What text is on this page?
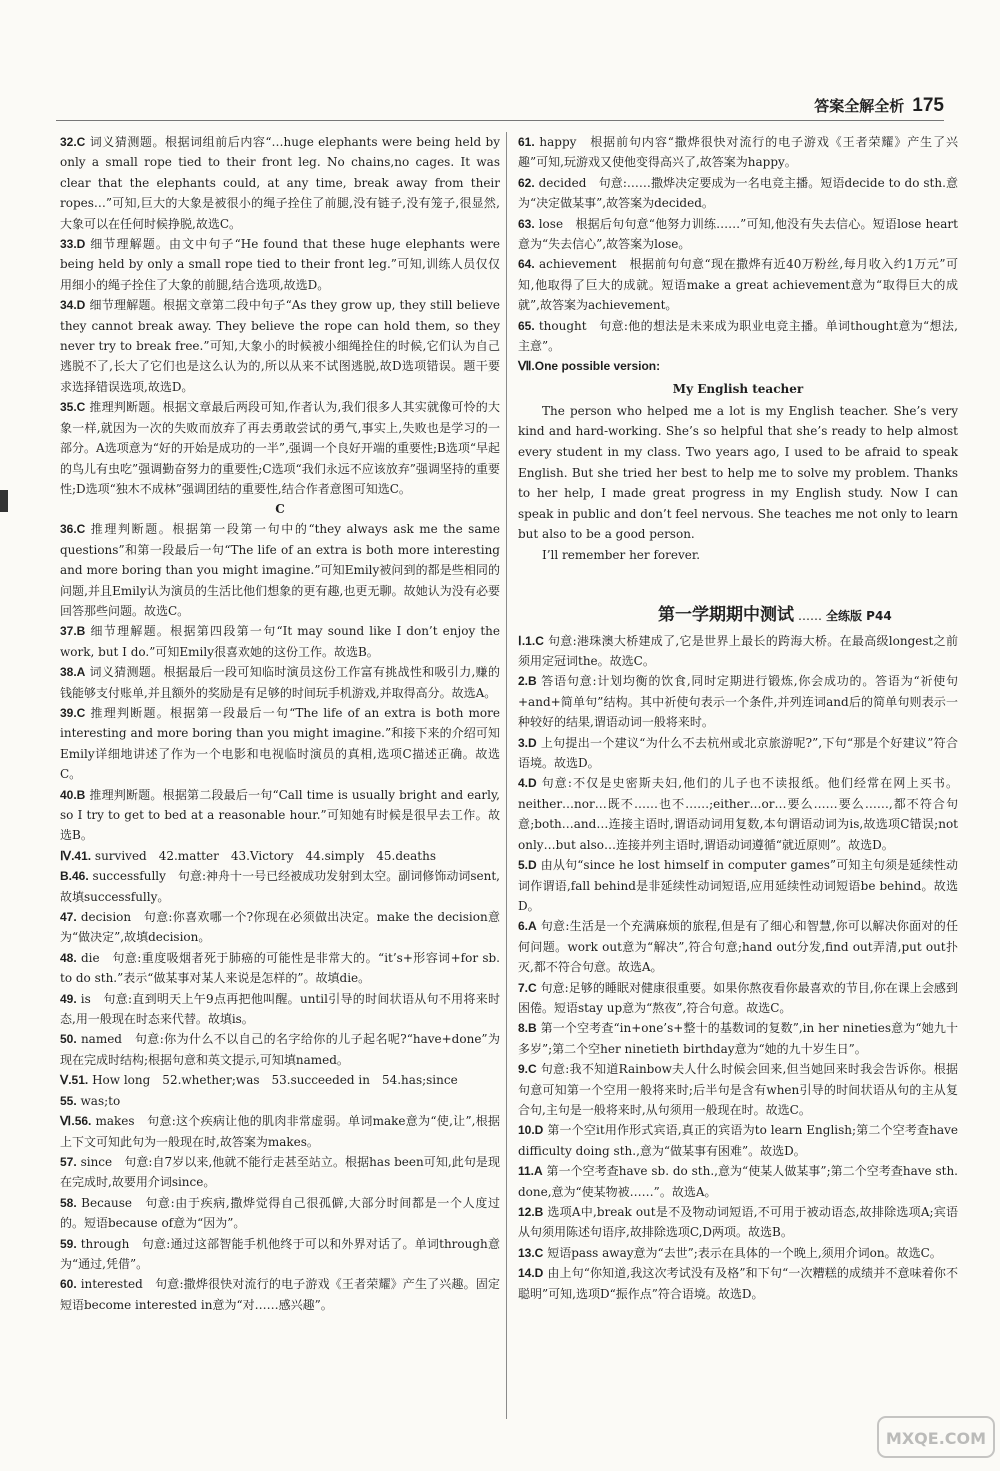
答案全解全析 175

32.C 词义猜测题。根据词组前后内容“…huge elephants were being held by only a small rope tied to their front leg. No chains,no cages. It was clear that the elephants could, at any time, break away from their ropes…”可知,巨大的大象是被很小的绳子拴住了前腿,没有链子,没有笼子,很显然,大象可以在任何时候挣脱,故选C。

33.D 细节理解题。由文中句子“He found that these huge elephants were being held by only a small rope tied to their front leg.”可知,训练人员仅仅用细小的绳子拴住了大象的前腿,结合选项,故选D。

34.D 细节理解题。根据文章第二段中句子“As they grow up, they still believe they cannot break away. They believe the rope can hold them, so they never try to break free.”可知,大象小的时候被小细绳拴住的时候,它们认为自己逃脱不了,长大了它们也是这么认为的,所以从来不试图逃脱,故D选项错误。题干要求选择错误选项,故选D。

35.C 推理判断题。根据文章最后两段可知,作者认为,我们很多人其实就像可怜的大象一样,就因为一次的失败而放弃了再去勇敢尝试的勇气,事实上,失败也是学习的一部分。A选项意为“好的开始是成功的一半”,强调一个良好开端的重要性;B选项“早起的鸟儿有虫吃”强调勤奋努力的重要性;C选项“我们永远不应该放弃”强调坚持的重要性;D选项“独木不成林”强调团结的重要性,结合作者意图可知选C。

C

36.C 推理判断题。根据第一段第一句中的“they always ask me the same questions”和第一段最后一句“The life of an extra is both more interesting and more boring than you might imagine.”可知Emily被问到的都是些相同的问题,并且Emily认为演员的生活比他们想象的更有趣,也更无聊。故她认为没有必要回答那些问题。故选C。

37.B 细节理解题。根据第四段第一句“It may sound like I don’t enjoy the work, but I do.”可知Emily很喜欢她的这份工作。故选B。

38.A 词义猜测题。根据最后一段可知临时演员这份工作富有挑战性和吸引力,赚的钱能够支付账单,并且额外的奖励是有足够的时间玩手机游戏,并取得高分。故选A。

39.C 推理判断题。根据第一段最后一句“The life of an extra is both more interesting and more boring than you might imagine.”和接下来的介绍可知Emily详细地讲述了作为一个电影和电视临时演员的真相,选项C描述正确。故选C。

40.B 推理判断题。根据第二段最后一句“Call time is usually bright and early, so I try to get to bed at a reasonable hour.”可知她有时候是很早去工作。故选B。

Ⅳ.41. survived　42.matter　43.Victory　44.simply　45.deaths

B.46. successfully　句意:神舟十一号已经被成功发射到太空。副词修饰动词sent,故填successfully。

47. decision　句意:你喜欢哪一个?你现在必须做出决定。make the decision意为“做决定”,故填decision。

48. die　句意:重度吸烟者死于肺癌的可能性是非常大的。“it’s+形容词+for sb. to do sth.”表示“做某事对某人来说是怎样的”。故填die。

49. is　句意:直到明天上午9点再把他叫醒。until引导的时间状语从句不用将来时态,用一般现在时态来代替。故填is。

50. named　句意:你为什么不以自己的名字给你的儿子起名呢?“have+done”为现在完成时结构;根据句意和英文提示,可知填named。

Ⅴ.51. How long　52.whether;was　53.succeeded in　54.has;since

55. was;to

Ⅵ.56. makes　句意:这个疾病让他的肌肉非常虚弱。单词make意为“使,让”,根据上下文可知此句为一般现在时,故答案为makes。

57. since　句意:自7岁以来,他就不能行走甚至站立。根据has been可知,此句是现在完成时,故要用介词since。

58. Because　句意:由于疾病,撒烨觉得自己很孤僻,大部分时间都是一个人度过的。短语because of意为“因为”。

59. through　句意:通过这部智能手机他终于可以和外界对话了。单词through意为“通过,凭借”。

60. interested　句意:撒烨很快对流行的电子游戏《王者荣耀》产生了兴趣。固定短语become interested in意为“对……感兴趣”。

61. happy　根据前句内容“撒烨很快对流行的电子游戏《王者荣耀》产生了兴趣”可知,玩游戏又使他变得高兴了,故答案为happy。

62. decided　句意:……撒烨决定要成为一名电竞主播。短语decide to do sth.意为“决定做某事”,故答案为decided。

63. lose　根据后句句意“他努力训练……”可知,他没有失去信心。短语lose heart意为“失去信心”,故答案为lose。

64. achievement　根据前句句意“现在撒烨有近40万粉丝,每月收入约1万元”可知,他取得了巨大的成就。短语make a great achievement意为“取得巨大的成就”,故答案为achievement。

65. thought　句意:他的想法是未来成为职业电竞主播。单词thought意为“想法,主意”。

Ⅶ.One possible version:
My English teacher

The person who helped me a lot is my English teacher. She’s very kind and hard-working. She’s so helpful that she’s ready to help almost every student in my class. Two years ago, I used to be afraid to speak English. But she tried her best to help me to solve my problem. Thanks to her help, I made great progress in my English study. Now I can speak in public and don’t feel nervous. She teaches me not only to learn but also to be a good person.

I’ll remember her forever.

第一学期期中测试 …… 全练版 P44

Ⅰ.1.C 句意:港珠澳大桥建成了,它是世界上最长的跨海大桥。在最高级longest之前须用定冠词the。故选C。

2.B 答语句意:计划均衡的饮食,同时定期进行锻炼,你会成功的。答语为“祈使句+and+简单句”结构。其中祈使句表示一个条件,并列连词and后的简单句则表示一种较好的结果,谓语动词一般将来时。

3.D 上句提出一个建议“为什么不去杭州或北京旅游呢?”,下句“那是个好建议”符合语境。故选D。

4.D 句意:不仅是史密斯夫妇,他们的儿子也不读报纸。他们经常在网上买书。neither…nor…既不……也不……;either…or…要么……要么……,都不符合句意;both…and…连接主语时,谓语动词用复数,本句谓语动词为is,故选项C错误;not only…but also…连接并列主语时,谓语动词遵循“就近原则”。故选D。

5.D 由从句“since he lost himself in computer games”可知主句须是延续性动词作谓语,fall behind是非延续性动词短语,应用延续性动词短语be behind。故选D。

6.A 句意:生活是一个充满麻烦的旅程,但是有了细心和智慧,你可以解决你面对的任何问题。work out意为“解决”,符合句意;hand out分发,find out弄清,put out扑灭,都不符合句意。故选A。

7.C 句意:足够的睡眠对健康很重要。如果你熬夜看你最喜欢的节目,你在课上会感到困倦。短语stay up意为“熬夜”,符合句意。故选C。

8.B 第一个空考查“in+one’s+整十的基数词的复数”,in her nineties意为“她九十多岁”;第二个空her ninetieth birthday意为“她的九十岁生日”。

9.C 句意:我不知道Rainbow夫人什么时候会回来,但当她回来时我会告诉你。根据句意可知第一个空用一般将来时;后半句是含有when引导的时间状语从句的主从复合句,主句是一般将来时,从句须用一般现在时。故选C。

10.D 第一个空it用作形式宾语,真正的宾语为to learn English;第二个空考查have difficulty doing sth.,意为“做某事有困难”。故选D。

11.A 第一个空考查have sb. do sth.,意为“使某人做某事”;第二个空考查have sth. done,意为“使某物被……”。故选A。

12.B 选项A中,break out是不及物动词短语,不可用于被动语态,故排除选项A;宾语从句须用陈述句语序,故排除选项C,D两项。故选B。

13.C 短语pass away意为“去世”;表示在具体的一个晚上,须用介词on。故选C。

14.D 由上句“你知道,我这次考试没有及格”和下句“一次糟糕的成绩并不意味着你不聪明”可知,选项D“振作点”符合语境。故选D。

MXQE.COM
